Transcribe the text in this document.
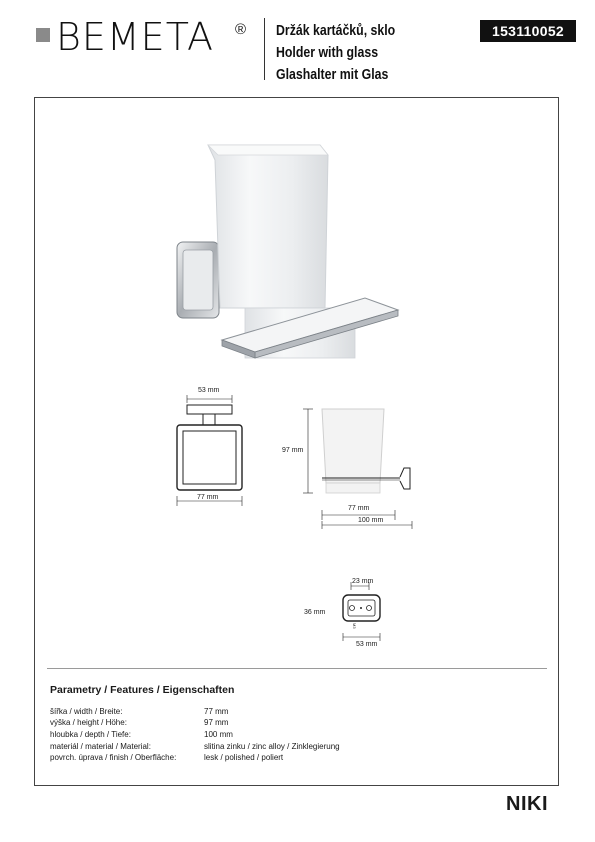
BEMETA ® Držák kartáčků, sklo
Holder with glass
Glashalter mit Glas
153110052
53 mm
77 mm
97 mm
77 mm
100 mm
23 mm
36 mm
53 mm
M3
Parametry / Features / Eigenschaften
šířka / width / Breite:	77 mm
výška / height / Höhe:	97 mm
hloubka / depth / Tiefe:	100 mm
materiál / material / Material:	slitina zinku / zinc alloy / Zinklegierung
povrch. úprava / finish / Oberfläche:	lesk / polished / poliert
NIKI
